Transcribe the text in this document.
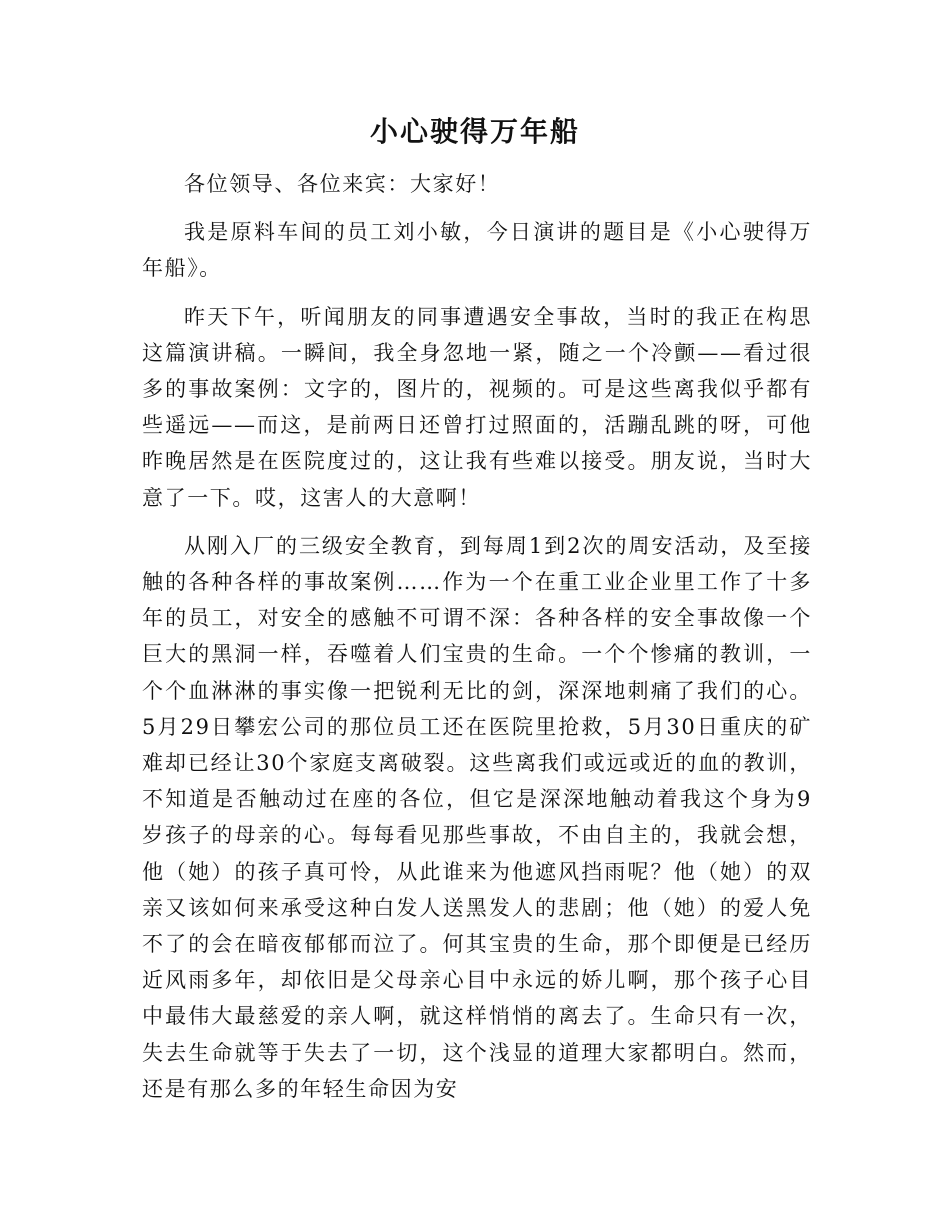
小心驶得万年船

各位领导、各位来宾：大家好！

我是原料车间的员工刘小敏，今日演讲的题目是《小心驶得万年船》。

昨天下午，听闻朋友的同事遭遇安全事故，当时的我正在构思这篇演讲稿。一瞬间，我全身忽地一紧，随之一个冷颤——看过很多的事故案例：文字的，图片的，视频的。可是这些离我似乎都有些遥远——而这，是前两日还曾打过照面的，活蹦乱跳的呀，可他昨晚居然是在医院度过的，这让我有些难以接受。朋友说，当时大意了一下。哎，这害人的大意啊！

从刚入厂的三级安全教育，到每周1到2次的周安活动，及至接触的各种各样的事故案例……作为一个在重工业企业里工作了十多年的员工，对安全的感触不可谓不深：各种各样的安全事故像一个巨大的黑洞一样，吞噬着人们宝贵的生命。一个个惨痛的教训，一个个血淋淋的事实像一把锐利无比的剑，深深地刺痛了我们的心。5月29日攀宏公司的那位员工还在医院里抢救，5月30日重庆的矿难却已经让30个家庭支离破裂。这些离我们或远或近的血的教训，不知道是否触动过在座的各位，但它是深深地触动着我这个身为9岁孩子的母亲的心。每每看见那些事故，不由自主的，我就会想，他（她）的孩子真可怜，从此谁来为他遮风挡雨呢？他（她）的双亲又该如何来承受这种白发人送黑发人的悲剧；他（她）的爱人免不了的会在暗夜郁郁而泣了。何其宝贵的生命，那个即便是已经历近风雨多年，却依旧是父母亲心目中永远的娇儿啊，那个孩子心目中最伟大最慈爱的亲人啊，就这样悄悄的离去了。生命只有一次，失去生命就等于失去了一切，这个浅显的道理大家都明白。然而，还是有那么多的年轻生命因为安
